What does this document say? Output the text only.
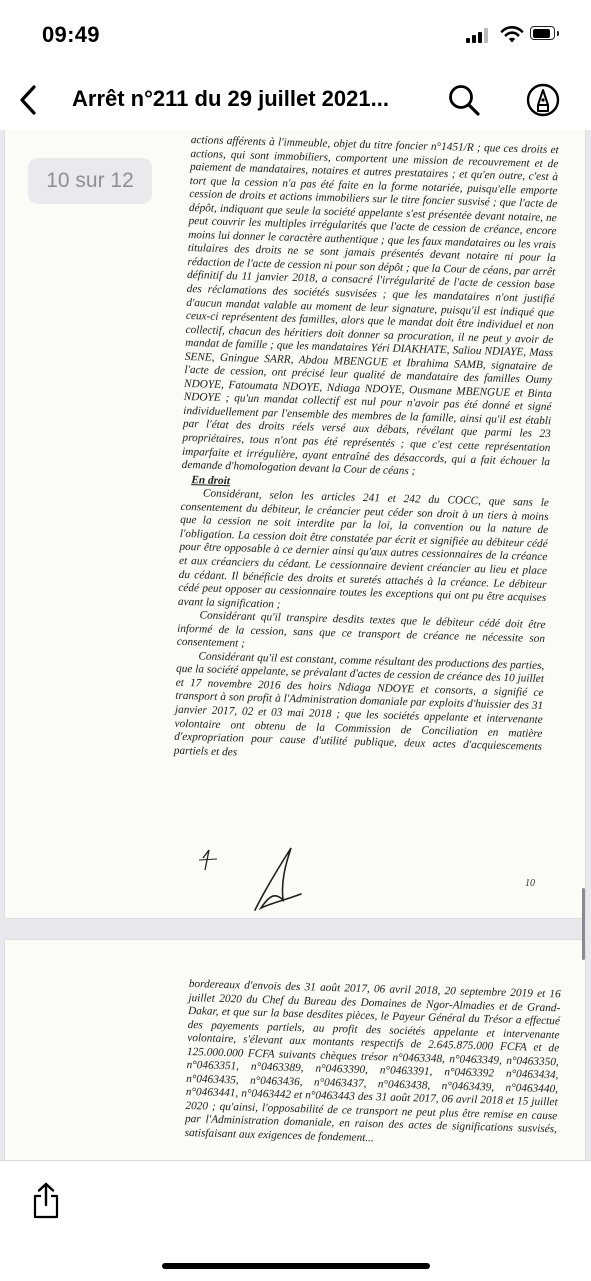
09:49
Arrêt n°211 du 29 juillet 2021...

actions afférents à l'immeuble, objet du titre foncier n°1451/R ; que ces droits et actions, qui sont immobiliers, comportent une mission de recouvrement et de paiement de mandataires, notaires et autres prestataires ; et qu'en outre, c'est à tort que la cession n'a pas été faite en la forme notariée, puisqu'elle emporte cession de droits et actions immobiliers sur le titre foncier susvisé ; que l'acte de dépôt, indiquant que seule la société appelante s'est présentée devant notaire, ne peut couvrir les multiples irrégularités que l'acte de cession de créance, encore moins lui donner le caractère authentique ; que les faux mandataires ou les vrais titulaires des droits ne se sont jamais présentés devant notaire ni pour la rédaction de l'acte de cession ni pour son dépôt ; que la Cour de céans, par arrêt définitif du 11 janvier 2018, a consacré l'irrégularité de l'acte de cession base des réclamations des sociétés susvisées ; que les mandataires n'ont justifié d'aucun mandat valable au moment de leur signature, puisqu'il est indiqué que ceux-ci représentent des familles, alors que le mandat doit être individuel et non collectif, chacun des héritiers doit donner sa procuration, il ne peut y avoir de mandat de famille ; que les mandataires Yéri DIAKHATE, Saliou NDIAYE, Mass SENE, Gningue SARR, Abdou MBENGUE et Ibrahima SAMB, signataire de l'acte de cession, ont précisé leur qualité de mandataire des familles Oumy NDOYE, Fatoumata NDOYE, Ndiaga NDOYE, Ousmane MBENGUE et Binta NDOYE ; qu'un mandat collectif est nul pour n'avoir pas été donné et signé individuellement par l'ensemble des membres de la famille, ainsi qu'il est établi par l'état des droits réels versé aux débats, révélant que parmi les 23 propriétaires, tous n'ont pas été représentés ; que c'est cette représentation imparfaite et irrégulière, ayant entraîné des désaccords, qui a fait échouer la demande d'homologation devant la Cour de céans ;

En droit

Considérant, selon les articles 241 et 242 du COCC, que sans le consentement du débiteur, le créancier peut céder son droit à un tiers à moins que la cession ne soit interdite par la loi, la convention ou la nature de l'obligation. La cession doit être constatée par écrit et signifiée au débiteur cédé pour être opposable à ce dernier ainsi qu'aux autres cessionnaires de la créance et aux créanciers du cédant. Le cessionnaire devient créancier au lieu et place du cédant. Il bénéficie des droits et suretés attachés à la créance. Le débiteur cédé peut opposer au cessionnaire toutes les exceptions qui ont pu être acquises avant la signification ;

Considérant qu'il transpire desdits textes que le débiteur cédé doit être informé de la cession, sans que ce transport de créance ne nécessite son consentement ;

Considérant qu'il est constant, comme résultant des productions des parties, que la société appelante, se prévalant d'actes de cession de créance des 10 juillet et 17 novembre 2016 des hoirs Ndiaga NDOYE et consorts, a signifié ce transport à son profit à l'Administration domaniale par exploits d'huissier des 31 janvier 2017, 02 et 03 mai 2018 ; que les sociétés appelante et intervenante volontaire ont obtenu de la Commission de Conciliation en matière d'expropriation pour cause d'utilité publique, deux actes d'acquiescements partiels et des

10

bordereaux d'envois des 31 août 2017, 06 avril 2018, 20 septembre 2019 et 16 juillet 2020 du Chef du Bureau des Domaines de Ngor-Almadies et de Grand-Dakar, et que sur la base desdites pièces, le Payeur Général du Trésor a effectué des payements partiels, au profit des sociétés appelante et intervenante volontaire, s'élevant aux montants respectifs de 2.645.875.000 FCFA et de 125.000.000 FCFA suivants chèques trésor n°0463348, n°0463349, n°0463350, n°0463351, n°0463389, n°0463390, n°0463391, n°0463392 n°0463434, n°0463435, n°0463436, n°0463437, n°0463438, n°0463439, n°0463440, n°0463441, n°0463442 et n°0463443 des 31 août 2017, 06 avril 2018 et 15 juillet 2020 ; qu'ainsi, l'opposabilité de ce transport ne peut plus être remise en cause par l'Administration domaniale, en raison des actes de significations susvisés, satisfaisant aux exigences de fondement...

10 sur 12
